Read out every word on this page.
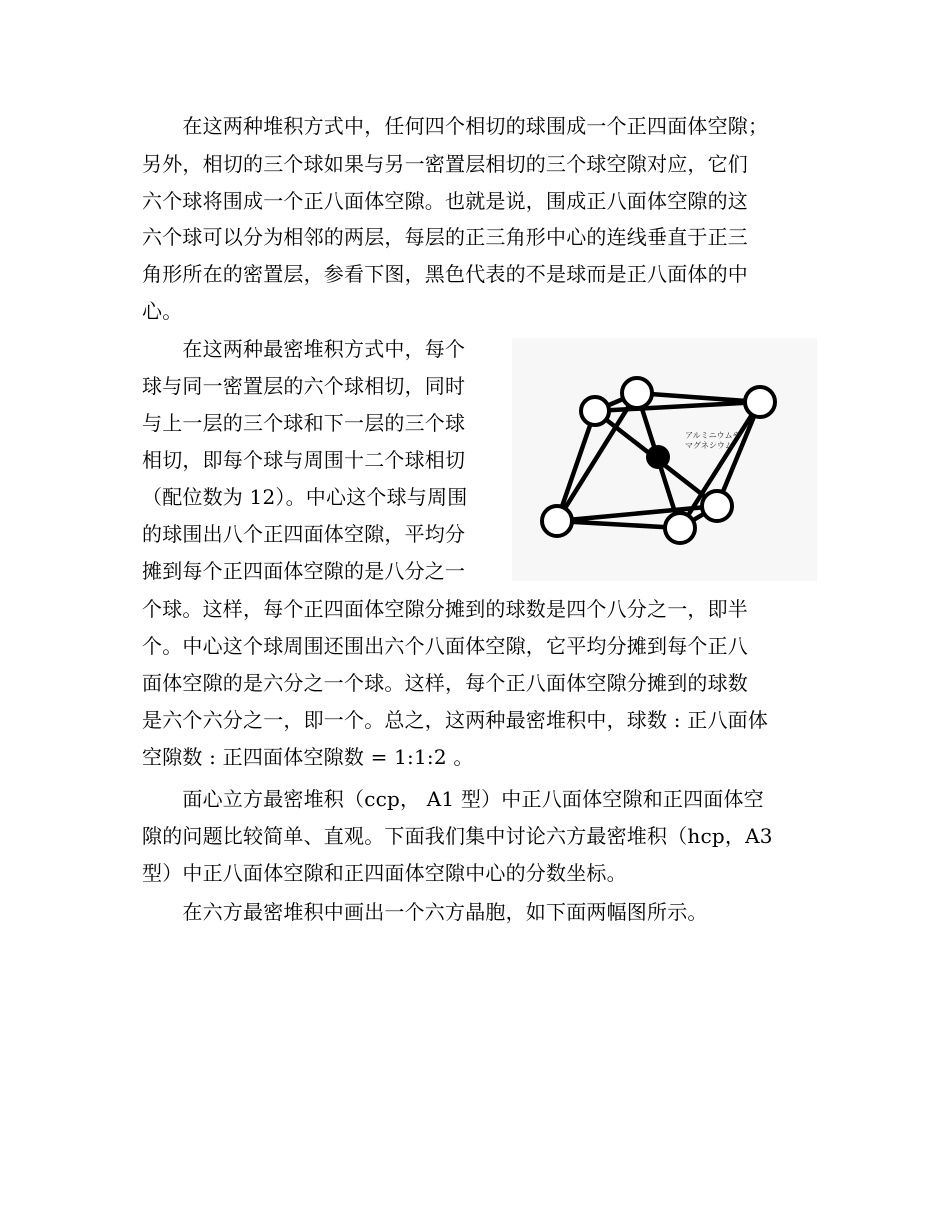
　　在这两种堆积方式中，任何四个相切的球围成一个正四面体空隙；
另外，相切的三个球如果与另一密置层相切的三个球空隙对应，它们
六个球将围成一个正八面体空隙。也就是说，围成正八面体空隙的这
六个球可以分为相邻的两层，每层的正三角形中心的连线垂直于正三
角形所在的密置层，参看下图，黑色代表的不是球而是正八面体的中
心。
　　在这两种最密堆积方式中，每个
球与同一密置层的六个球相切，同时
与上一层的三个球和下一层的三个球
相切，即每个球与周围十二个球相切
（配位数为 12）。中心这个球与周围
的球围出八个正四面体空隙，平均分
摊到每个正四面体空隙的是八分之一
个球。这样，每个正四面体空隙分摊到的球数是四个八分之一，即半
个。中心这个球周围还围出六个八面体空隙，它平均分摊到每个正八
面体空隙的是六分之一个球。这样，每个正八面体空隙分摊到的球数
是六个六分之一，即一个。总之，这两种最密堆积中，球数 : 正八面体
空隙数 : 正四面体空隙数 = 1:1:2 。
　　面心立方最密堆积（ccp， A1 型）中正八面体空隙和正四面体空
隙的问题比较简单、直观。下面我们集中讨论六方最密堆积（hcp，A3
型）中正八面体空隙和正四面体空隙中心的分数坐标。
　　在六方最密堆积中画出一个六方晶胞，如下面两幅图所示。
アルミニウムや
マグネシウム
